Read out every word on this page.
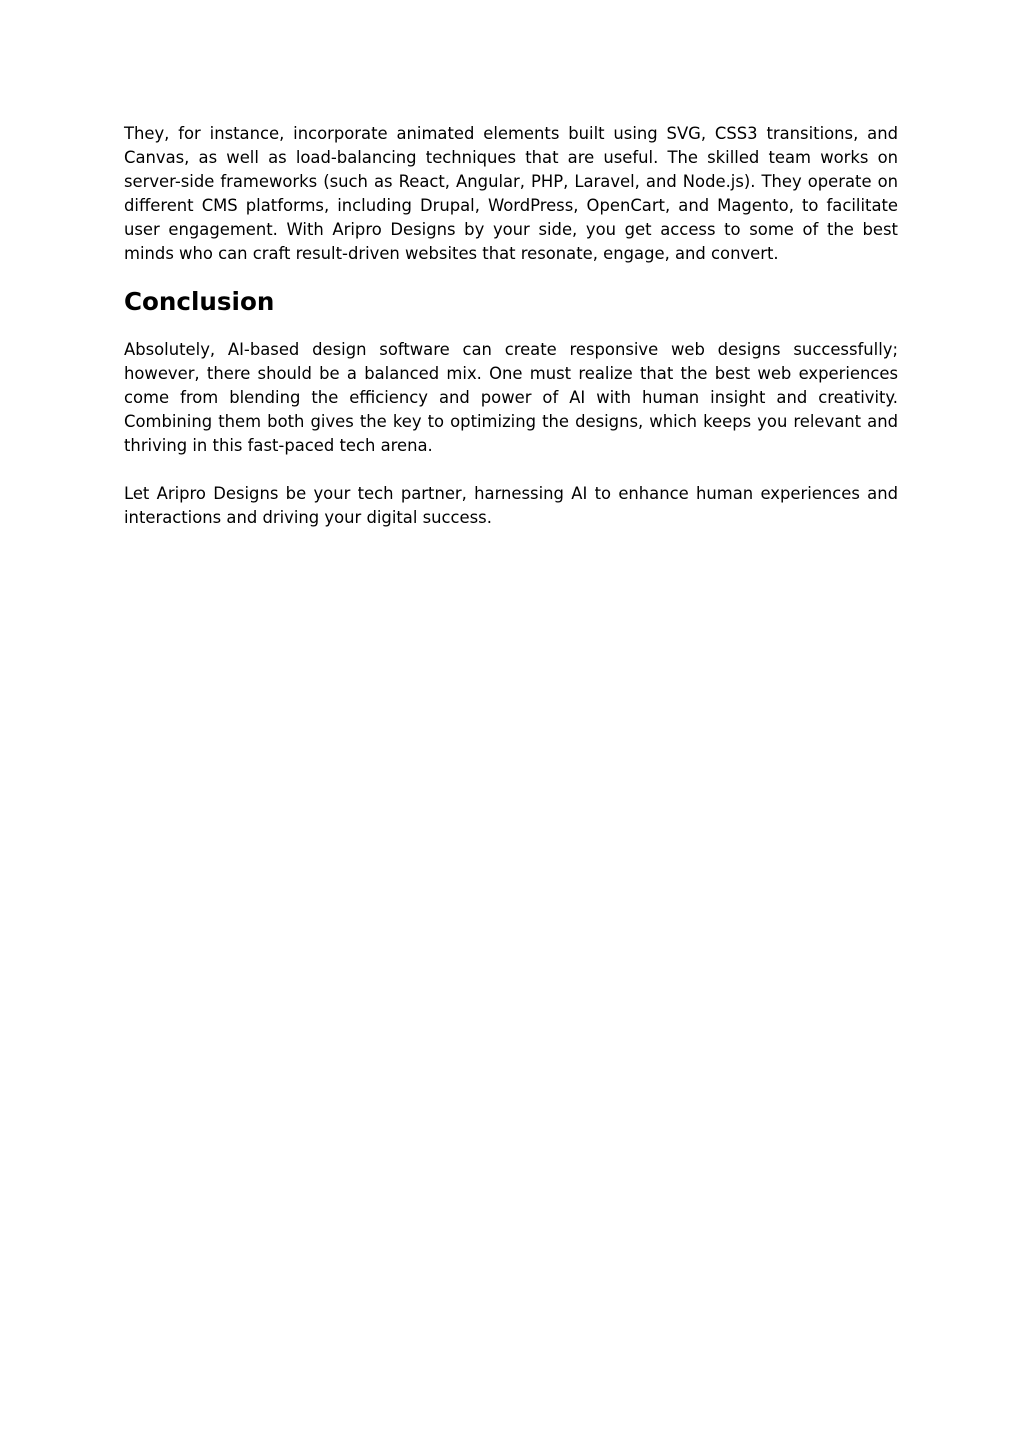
They, for instance, incorporate animated elements built using SVG, CSS3 transitions, and Canvas, as well as load-balancing techniques that are useful. The skilled team works on server-side frameworks (such as React, Angular, PHP, Laravel, and Node.js). They operate on different CMS platforms, including Drupal, WordPress, OpenCart, and Magento, to facilitate user engagement. With Aripro Designs by your side, you get access to some of the best minds who can craft result-driven websites that resonate, engage, and convert.

Conclusion

Absolutely, AI-based design software can create responsive web designs successfully; however, there should be a balanced mix. One must realize that the best web experiences come from blending the efficiency and power of AI with human insight and creativity. Combining them both gives the key to optimizing the designs, which keeps you relevant and thriving in this fast-paced tech arena.

Let Aripro Designs be your tech partner, harnessing AI to enhance human experiences and interactions and driving your digital success.
